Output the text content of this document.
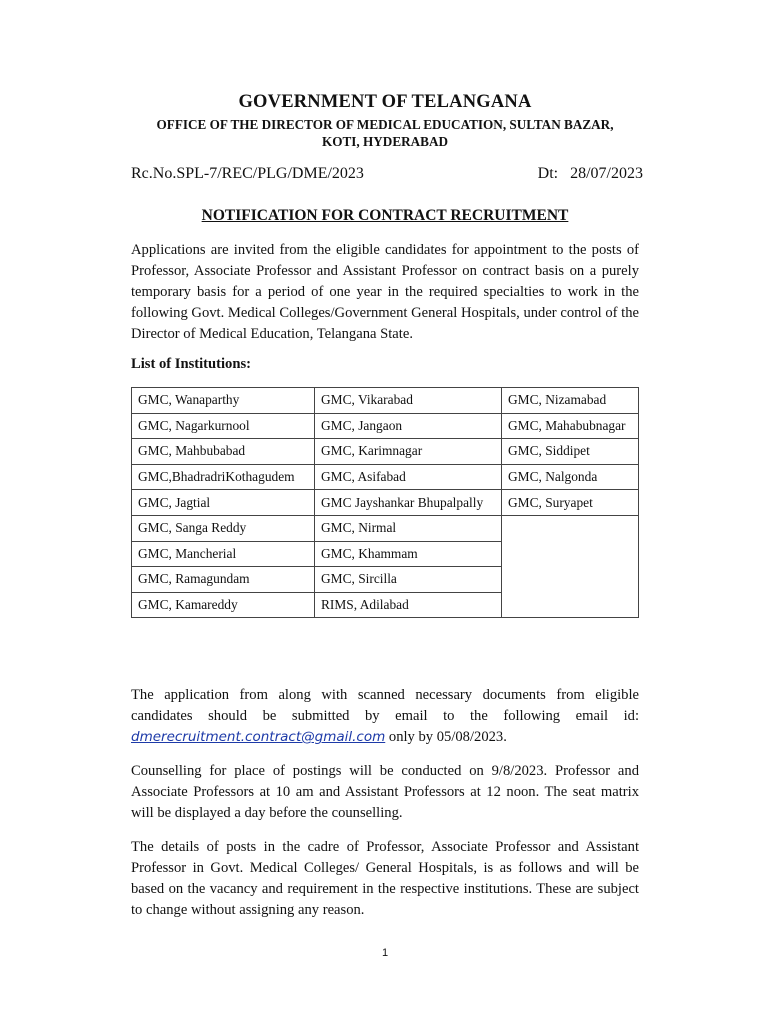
GOVERNMENT OF TELANGANA
OFFICE OF THE DIRECTOR OF MEDICAL EDUCATION, SULTAN BAZAR,
KOTI, HYDERABAD
Rc.No.SPL-7/REC/PLG/DME/2023	Dt:   28/07/2023
NOTIFICATION FOR CONTRACT RECRUITMENT
Applications are invited from the eligible candidates for appointment to the posts of Professor, Associate Professor and Assistant Professor on contract basis on a purely temporary basis for a period of one year in the required specialties to work in the following Govt. Medical Colleges/Government General Hospitals, under control of the Director of Medical Education, Telangana State.
List of Institutions:
GMC, Wanaparthy	GMC, Vikarabad	GMC, Nizamabad
GMC, Nagarkurnool	GMC, Jangaon	GMC, Mahabubnagar
GMC, Mahbubabad	GMC, Karimnagar	GMC, Siddipet
GMC,BhadradriKothagudem	GMC, Asifabad	GMC, Nalgonda
GMC, Jagtial	GMC Jayshankar Bhupalpally	GMC, Suryapet
GMC, Sanga Reddy	GMC, Nirmal	
GMC, Mancherial	GMC, Khammam	
GMC, Ramagundam	GMC, Sircilla	
GMC, Kamareddy	RIMS, Adilabad	
The application from along with scanned necessary documents from eligible candidates should be submitted by email to the following email id: dmerecruitment.contract@gmail.com only by 05/08/2023.
Counselling for place of postings will be conducted on 9/8/2023. Professor and Associate Professors at 10 am and Assistant Professors at 12 noon. The seat matrix will be displayed a day before the counselling.
The details of posts in the cadre of Professor, Associate Professor and Assistant Professor in Govt. Medical Colleges/ General Hospitals, is as follows and will be based on the vacancy and requirement in the respective institutions. These are subject to change without assigning any reason.
1
